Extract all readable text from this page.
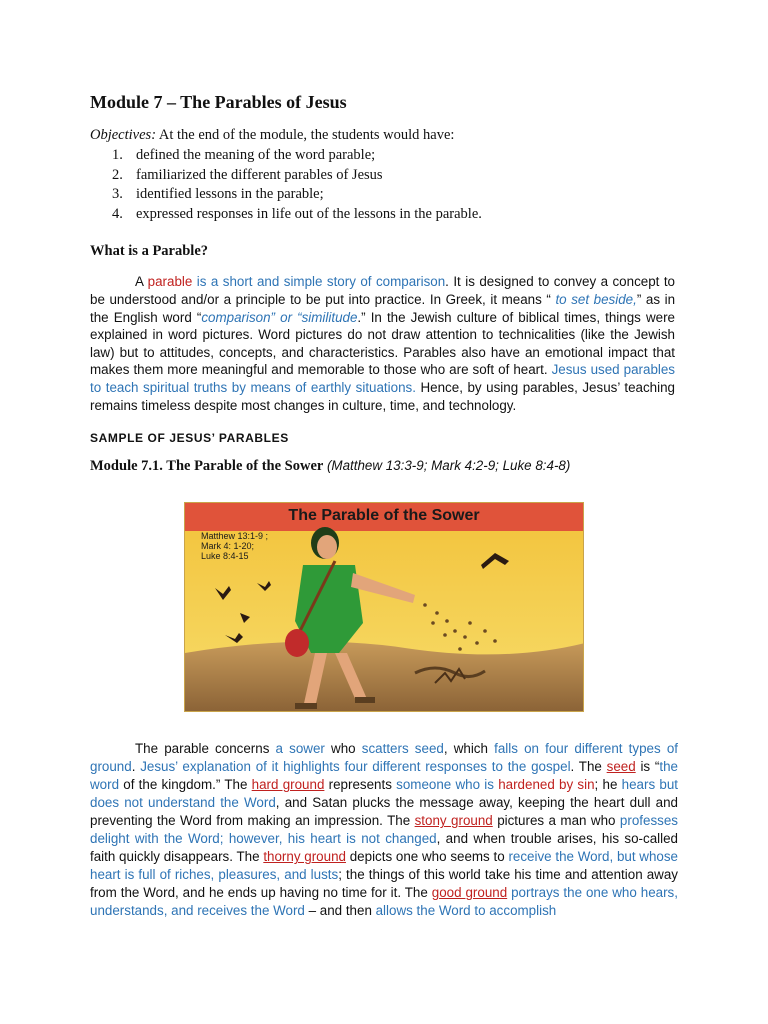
Module 7 – The Parables of Jesus
Objectives: At the end of the module, the students would have:
1. defined the meaning of the word parable;
2. familiarized the different parables of Jesus
3. identified lessons in the parable;
4. expressed responses in life out of the lessons in the parable.
What is a Parable?

A parable is a short and simple story of comparison. It is designed to convey a concept to be understood and/or a principle to be put into practice. In Greek, it means “ to set beside,” as in the English word “comparison” or “similitude.” In the Jewish culture of biblical times, things were explained in word pictures. Word pictures do not draw attention to technicalities (like the Jewish law) but to attitudes, concepts, and characteristics. Parables also have an emotional impact that makes them more meaningful and memorable to those who are soft of heart. Jesus used parables to teach spiritual truths by means of earthly situations. Hence, by using parables, Jesus’ teaching remains timeless despite most changes in culture, time, and technology.

SAMPLE OF JESUS’ PARABLES
Module 7.1. The Parable of the Sower (Matthew 13:3-9; Mark 4:2-9; Luke 8:4-8)
The Parable of the Sower
Matthew 13:1-9 ;
Mark 4: 1-20;
Luke 8:4-15

The parable concerns a sower who scatters seed, which falls on four different types of ground. Jesus’ explanation of it highlights four different responses to the gospel. The seed is “the word of the kingdom.” The hard ground represents someone who is hardened by sin; he hears but does not understand the Word, and Satan plucks the message away, keeping the heart dull and preventing the Word from making an impression. The stony ground pictures a man who professes delight with the Word; however, his heart is not changed, and when trouble arises, his so-called faith quickly disappears. The thorny ground depicts one who seems to receive the Word, but whose heart is full of riches, pleasures, and lusts; the things of this world take his time and attention away from the Word, and he ends up having no time for it. The good ground portrays the one who hears, understands, and receives the Word – and then allows the Word to accomplish
